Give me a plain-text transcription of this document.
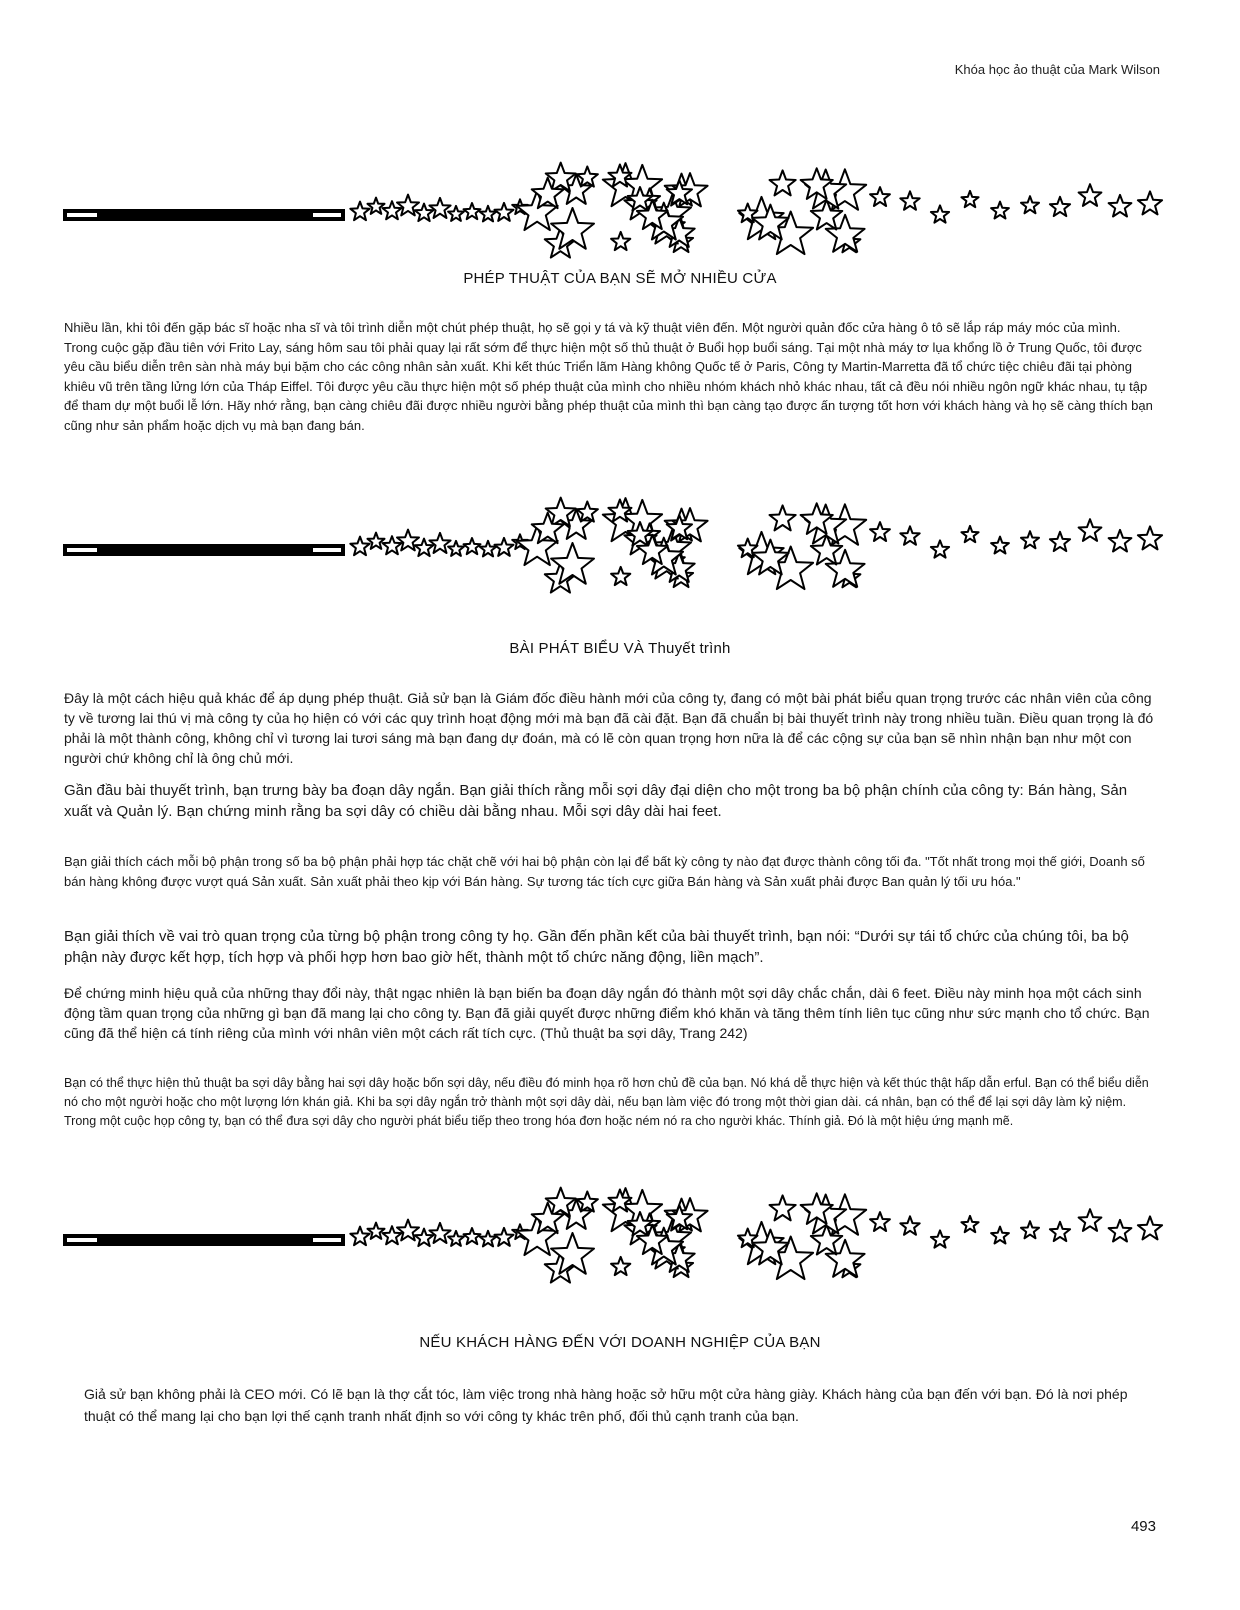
Khóa học ảo thuật của Mark Wilson
PHÉP THUẬT CỦA BẠN SẼ MỞ NHIỀU CỬA
Nhiều lần, khi tôi đến gặp bác sĩ hoặc nha sĩ và tôi trình diễn một chút phép thuật, họ sẽ gọi y tá và kỹ thuật viên đến. Một người quản đốc cửa hàng ô tô sẽ lắp ráp máy móc của mình. Trong cuộc gặp đầu tiên với Frito Lay, sáng hôm sau tôi phải quay lại rất sớm để thực hiện một số thủ thuật ở Buổi họp buổi sáng. Tại một nhà máy tơ lụa khổng lồ ở Trung Quốc, tôi được yêu cầu biểu diễn trên sàn nhà máy bụi bặm cho các công nhân sản xuất. Khi kết thúc Triển lãm Hàng không Quốc tế ở Paris, Công ty Martin-Marretta đã tổ chức tiệc chiêu đãi tại phòng khiêu vũ trên tầng lửng lớn của Tháp Eiffel. Tôi được yêu cầu thực hiện một số phép thuật của mình cho nhiều nhóm khách nhỏ khác nhau, tất cả đều nói nhiều ngôn ngữ khác nhau, tụ tập để tham dự một buổi lễ lớn. Hãy nhớ rằng, bạn càng chiêu đãi được nhiều người bằng phép thuật của mình thì bạn càng tạo được ấn tượng tốt hơn với khách hàng và họ sẽ càng thích bạn cũng như sản phẩm hoặc dịch vụ mà bạn đang bán.
BÀI PHÁT BIỂU VÀ Thuyết trình
Đây là một cách hiệu quả khác để áp dụng phép thuật. Giả sử bạn là Giám đốc điều hành mới của công ty, đang có một bài phát biểu quan trọng trước các nhân viên của công ty về tương lai thú vị mà công ty của họ hiện có với các quy trình hoạt động mới mà bạn đã cài đặt. Bạn đã chuẩn bị bài thuyết trình này trong nhiều tuần. Điều quan trọng là đó phải là một thành công, không chỉ vì tương lai tươi sáng mà bạn đang dự đoán, mà có lẽ còn quan trọng hơn nữa là để các cộng sự của bạn sẽ nhìn nhận bạn như một con người chứ không chỉ là ông chủ mới.
Gần đầu bài thuyết trình, bạn trưng bày ba đoạn dây ngắn. Bạn giải thích rằng mỗi sợi dây đại diện cho một trong ba bộ phận chính của công ty: Bán hàng, Sản xuất và Quản lý. Bạn chứng minh rằng ba sợi dây có chiều dài bằng nhau. Mỗi sợi dây dài hai feet.
Bạn giải thích cách mỗi bộ phận trong số ba bộ phận phải hợp tác chặt chẽ với hai bộ phận còn lại để bất kỳ công ty nào đạt được thành công tối đa. "Tốt nhất trong mọi thế giới, Doanh số bán hàng không được vượt quá Sản xuất. Sản xuất phải theo kịp với Bán hàng. Sự tương tác tích cực giữa Bán hàng và Sản xuất phải được Ban quản lý tối ưu hóa."
Bạn giải thích về vai trò quan trọng của từng bộ phận trong công ty họ. Gần đến phần kết của bài thuyết trình, bạn nói: “Dưới sự tái tổ chức của chúng tôi, ba bộ phận này được kết hợp, tích hợp và phối hợp hơn bao giờ hết, thành một tổ chức năng động, liền mạch”.
Để chứng minh hiệu quả của những thay đổi này, thật ngạc nhiên là bạn biến ba đoạn dây ngắn đó thành một sợi dây chắc chắn, dài 6 feet. Điều này minh họa một cách sinh động tầm quan trọng của những gì bạn đã mang lại cho công ty. Bạn đã giải quyết được những điểm khó khăn và tăng thêm tính liên tục cũng như sức mạnh cho tổ chức. Bạn cũng đã thể hiện cá tính riêng của mình với nhân viên một cách rất tích cực. (Thủ thuật ba sợi dây, Trang 242)
Bạn có thể thực hiện thủ thuật ba sợi dây bằng hai sợi dây hoặc bốn sợi dây, nếu điều đó minh họa rõ hơn chủ đề của bạn. Nó khá dễ thực hiện và kết thúc thật hấp dẫn erful. Bạn có thể biểu diễn nó cho một người hoặc cho một lượng lớn khán giả. Khi ba sợi dây ngắn trở thành một sợi dây dài, nếu bạn làm việc đó trong một thời gian dài. cá nhân, bạn có thể để lại sợi dây làm kỷ niệm. Trong một cuộc họp công ty, bạn có thể đưa sợi dây cho người phát biểu tiếp theo trong hóa đơn hoặc ném nó ra cho người khác. Thính giả. Đó là một hiệu ứng mạnh mẽ.
NẾU KHÁCH HÀNG ĐẾN VỚI DOANH NGHIỆP CỦA BẠN
Giả sử bạn không phải là CEO mới. Có lẽ bạn là thợ cắt tóc, làm việc trong nhà hàng hoặc sở hữu một cửa hàng giày. Khách hàng của bạn đến với bạn. Đó là nơi phép thuật có thể mang lại cho bạn lợi thế cạnh tranh nhất định so với công ty khác trên phố, đối thủ cạnh tranh của bạn.
493
